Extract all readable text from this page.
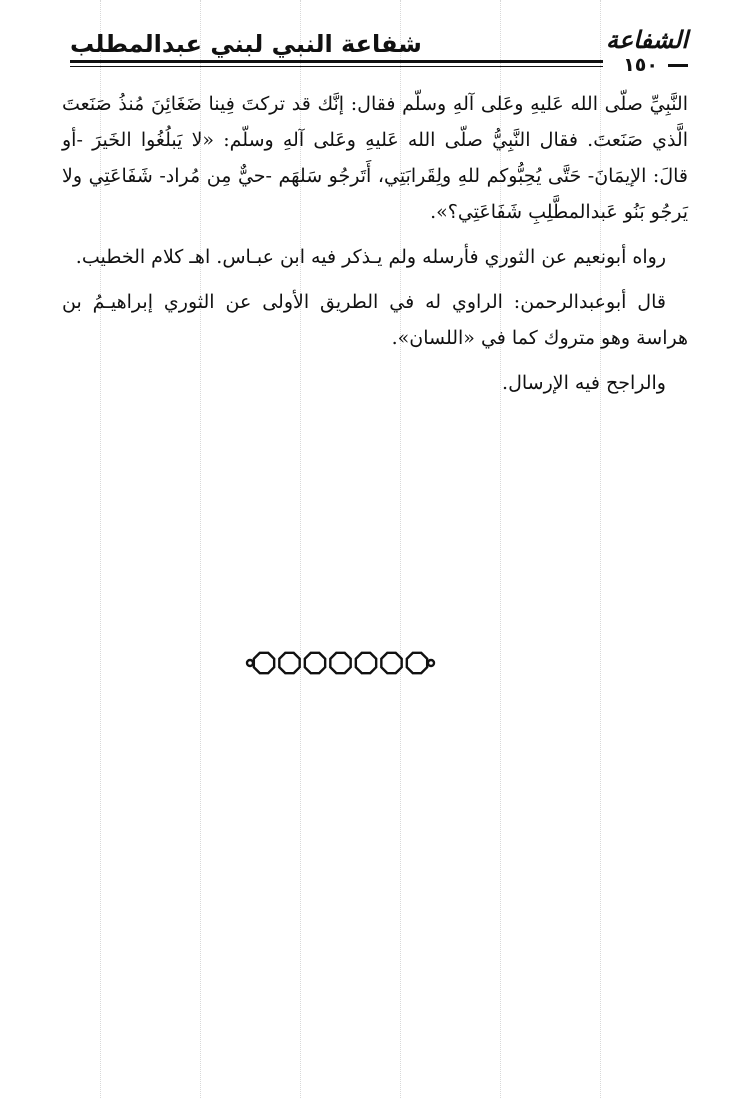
الشفاعة
شفاعة النبي لبني عبدالمطلب
١٥٠

النَّبِيِّ صلّى الله عَليهِ وعَلى آلهِ وسلّم فقال: إنَّك قد تركتَ فِينا ضَغَائِنَ مُنذُ صَنَعتَ الَّذي صَنَعتَ. فقال النَّبِيُّ صلّى الله عَليهِ وعَلى آلهِ وسلّم: «لا يَبلُغُوا الخَيرَ -أو قالَ: الإيمَانَ- حَتَّى يُحِبُّوكم للهِ ولِقَرابَتِي، أَتَرجُو سَلهَم -حيٌّ مِن مُراد- شَفَاعَتِي ولا يَرجُو بَنُو عَبدالمطَّلِبِ شَفَاعَتِي؟».

رواه أبونعيم عن الثوري فأرسله ولم يـذكر فيه ابن عبـاس. اهـ كلام الخطيب.

قال أبوعبدالرحمن: الراوي له في الطريق الأولى عن الثوري إبراهيـمُ بن هراسة وهو متروك كما في «اللسان».

والراجح فيه الإرسال.
